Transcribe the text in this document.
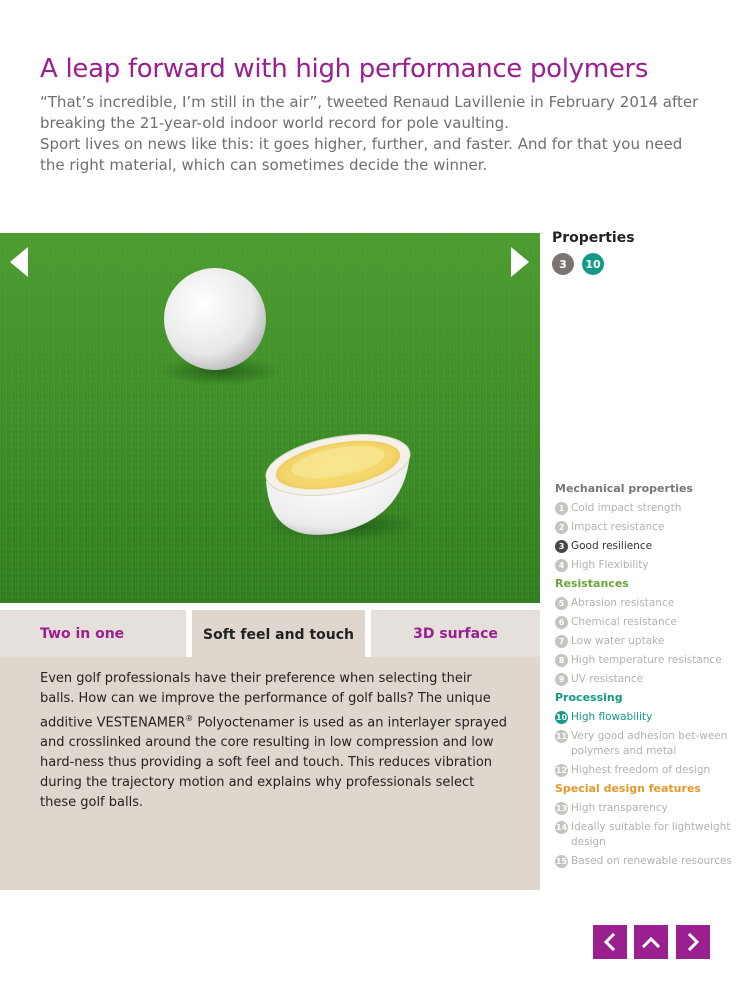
A leap forward with high performance polymers

“That’s incredible, I’m still in the air”, tweeted Renaud Lavillenie in February 2014 after breaking the 21-year-old indoor world record for pole vaulting.

Sport lives on news like this: it goes higher, further, and faster. And for that you need the right material, which can sometimes decide the winner.

Two in one	Soft feel and touch	3D surface

Even golf professionals have their preference when selecting their balls. How can we improve the performance of golf balls? The unique additive VESTENAMER® Polyoctenamer is used as an interlayer sprayed and crosslinked around the core resulting in low compression and low hard-ness thus providing a soft feel and touch. This reduces vibration during the trajectory motion and explains why professionals select these golf balls.

Properties
3	10
Mechanical properties
1 Cold impact strength
2 Impact resistance
3 Good resilience
4 High Flexibility
Resistances
5 Abrasion resistance
6 Chemical resistance
7 Low water uptake
8 High temperature resistance
9 UV resistance
Processing
10 High flowability
11 Very good adhesion bet-ween polymers and metal
12 Highest freedom of design
Special design features
13 High transparency
14 Ideally suitable for lightweight design
15 Based on renewable resources
